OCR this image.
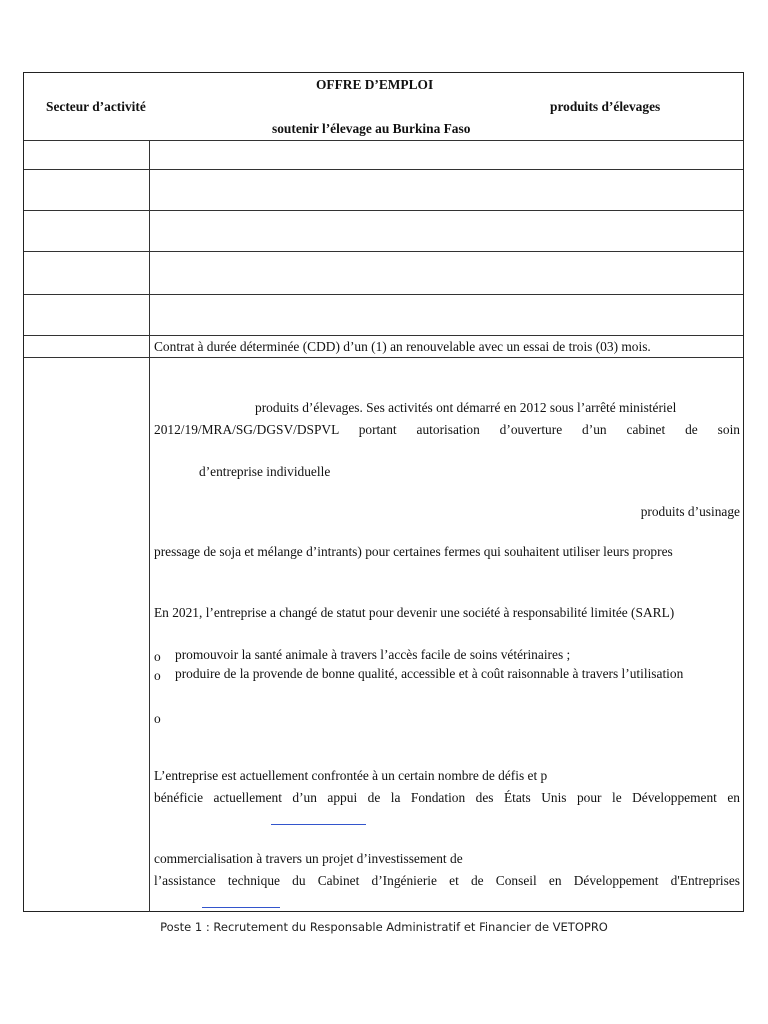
OFFRE D’EMPLOI
Secteur d’activité	produits d’élevages
soutenir l’élevage au Burkina Faso
Contrat à durée déterminée (CDD) d’un (1) an renouvelable avec un essai de trois (03) mois.
produits d’élevages. Ses activités ont démarré en 2012 sous l’arrêté ministériel
2012/19/MRA/SG/DGSV/DSPVL portant autorisation d’ouverture d’un cabinet de soin
d’entreprise individuelle
produits d’usinage
pressage de soja et mélange d’intrants) pour certaines fermes qui souhaitent utiliser leurs propres
En 2021, l’entreprise a changé de statut pour devenir une société à responsabilité limitée (SARL)
o promouvoir la santé animale à travers l’accès facile de soins vétérinaires ;
o produire de la provende de bonne qualité, accessible et à coût raisonnable à travers l’utilisation
o
L’entreprise est actuellement confrontée à un certain nombre de défis et p
bénéficie actuellement d’un appui de la Fondation des États Unis pour le Développement en
commercialisation à travers un projet d’investissement de
l’assistance technique du Cabinet d’Ingénierie et de Conseil en Développement d'Entreprises
Poste 1 : Recrutement du Responsable Administratif et Financier de VETOPRO
